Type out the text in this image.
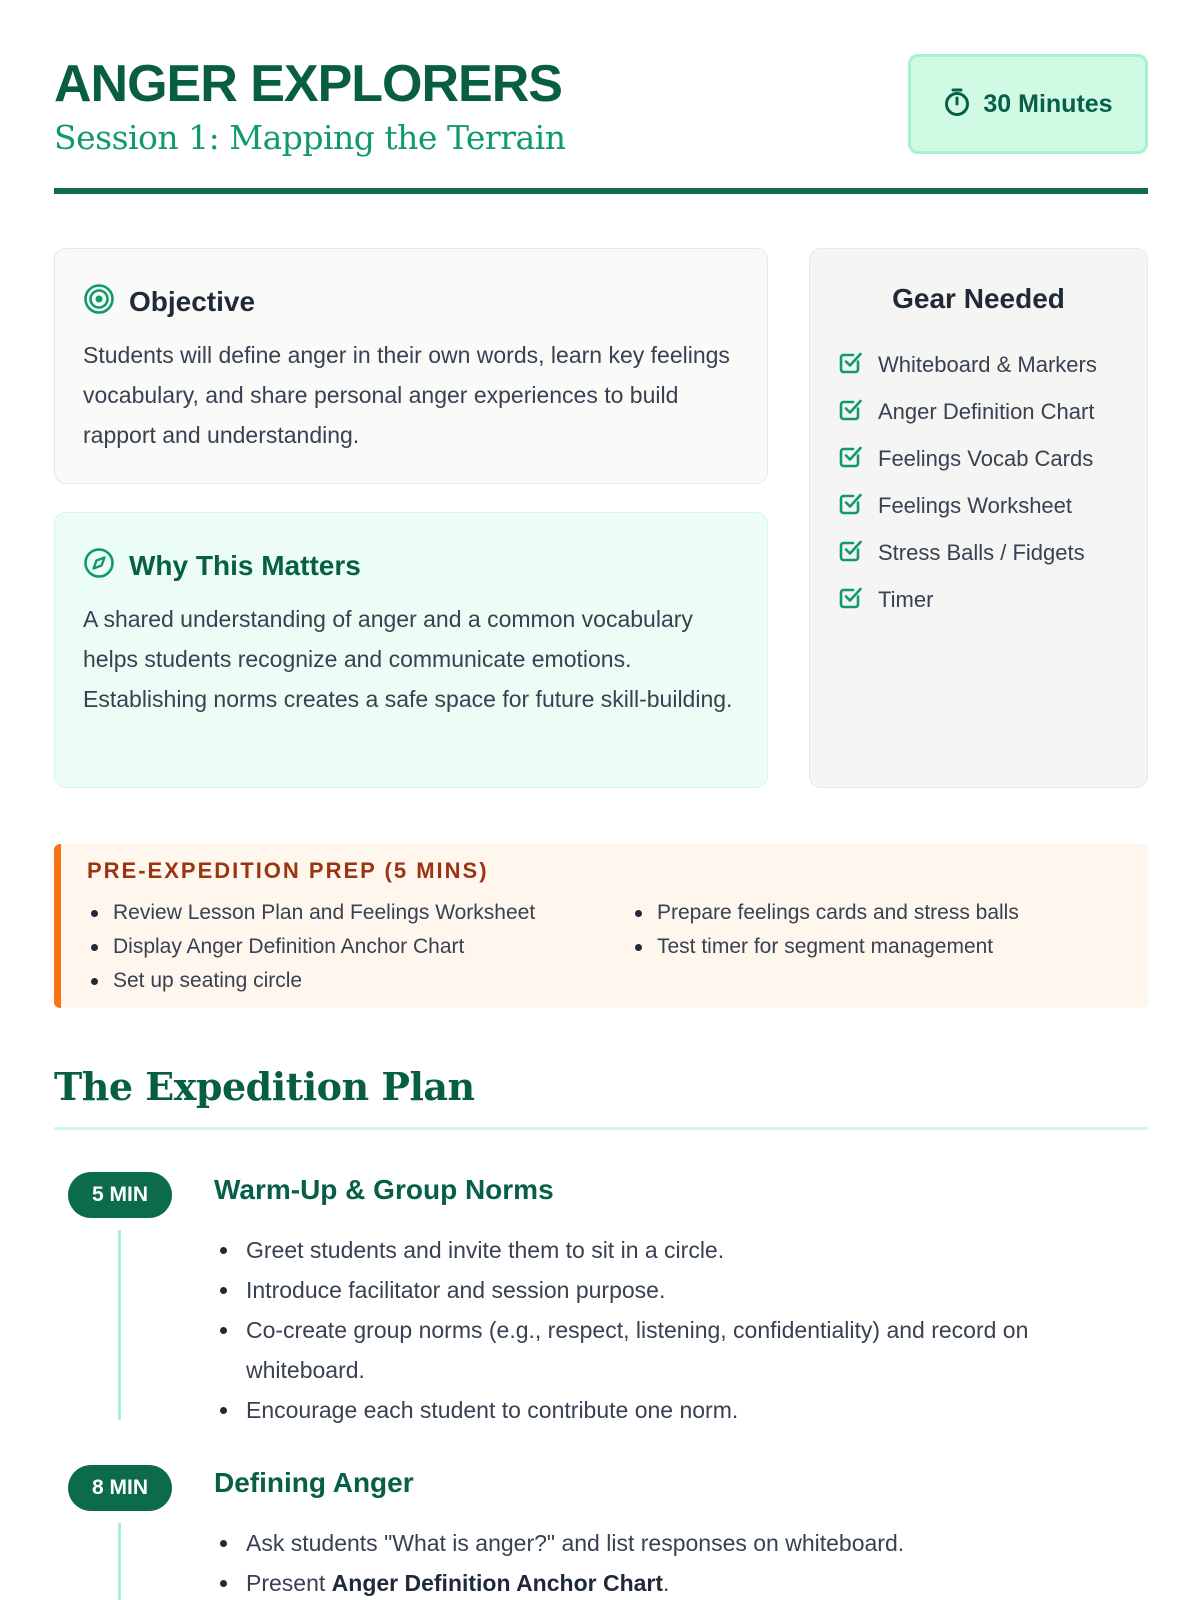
ANGER EXPLORERS
Session 1: Mapping the Terrain
30 Minutes
Objective
Students will define anger in their own words, learn key feelings vocabulary, and share personal anger experiences to build rapport and understanding.
Why This Matters
A shared understanding of anger and a common vocabulary helps students recognize and communicate emotions. Establishing norms creates a safe space for future skill-building.
Gear Needed
Whiteboard & Markers
Anger Definition Chart
Feelings Vocab Cards
Feelings Worksheet
Stress Balls / Fidgets
Timer
PRE-EXPEDITION PREP (5 MINS)
Review Lesson Plan and Feelings Worksheet
Display Anger Definition Anchor Chart
Set up seating circle
Prepare feelings cards and stress balls
Test timer for segment management
The Expedition Plan
5 MIN	Warm-Up & Group Norms
Greet students and invite them to sit in a circle.
Introduce facilitator and session purpose.
Co-create group norms (e.g., respect, listening, confidentiality) and record on whiteboard.
Encourage each student to contribute one norm.
8 MIN	Defining Anger
Ask students "What is anger?" and list responses on whiteboard.
Present Anger Definition Anchor Chart.
